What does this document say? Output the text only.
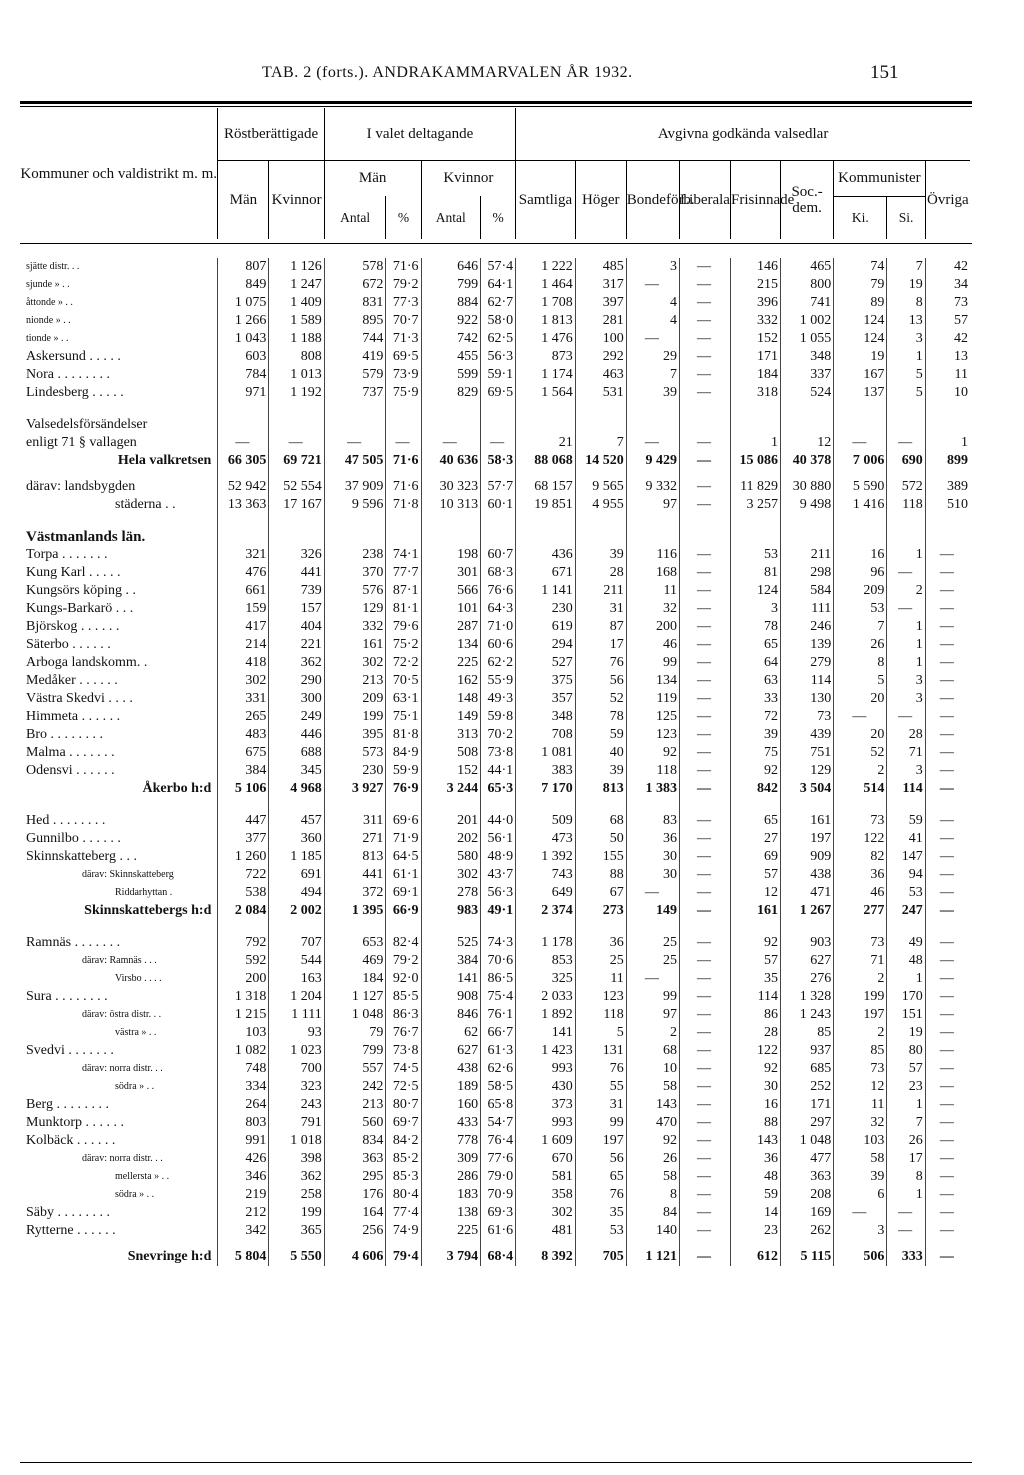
TAB. 2 (forts.). ANDRAKAMMARVALEN ÅR 1932.	151
Kommuner och valdistrikt m. m.	Röstberättigade		I valet deltagande				Avgivna godkända valsedlar								
	Män	Kvinnor	Män		Kvinnor		Samtliga	Höger	Bondeförb.	Liberala	Frisinnade	Soc.-dem.	Kommunister		Övriga
			Antal	%	Antal	%							Ki.	Si.	
sjätte distr. . .	807	1 126	578	71·6	646	57·4	1 222	485	3	—	146	465	74	7	42
sjunde » . .	849	1 247	672	79·2	799	64·1	1 464	317	—	—	215	800	79	19	34
åttonde » . .	1 075	1 409	831	77·3	884	62·7	1 708	397	4	—	396	741	89	8	73
nionde » . .	1 266	1 589	895	70·7	922	58·0	1 813	281	4	—	332	1 002	124	13	57
tionde » . .	1 043	1 188	744	71·3	742	62·5	1 476	100	—	—	152	1 055	124	3	42
Askersund . . . . .	603	808	419	69·5	455	56·3	873	292	29	—	171	348	19	1	13
Nora . . . . . . . .	784	1 013	579	73·9	599	59·1	1 174	463	7	—	184	337	167	5	11
Lindesberg . . . . .	971	1 192	737	75·9	829	69·5	1 564	531	39	—	318	524	137	5	10

Valsedelsförsändelser															
enligt 71 § vallagen	—	—	—	—	—	—	21	7	—	—	1	12	—	—	1
Hela valkretsen	66 305	69 721	47 505	71·6	40 636	58·3	88 068	14 520	9 429	—	15 086	40 378	7 006	690	899

därav: landsbygden	52 942	52 554	37 909	71·6	30 323	57·7	68 157	9 565	9 332	—	11 829	30 880	5 590	572	389
städerna . .	13 363	17 167	9 596	71·8	10 313	60·1	19 851	4 955	97	—	3 257	9 498	1 416	118	510

Västmanlands län.															
Torpa . . . . . . .	321	326	238	74·1	198	60·7	436	39	116	—	53	211	16	1	—
Kung Karl . . . . .	476	441	370	77·7	301	68·3	671	28	168	—	81	298	96	—	—
Kungsörs köping . .	661	739	576	87·1	566	76·6	1 141	211	11	—	124	584	209	2	—
Kungs-Barkarö . . .	159	157	129	81·1	101	64·3	230	31	32	—	3	111	53	—	—
Björskog . . . . . .	417	404	332	79·6	287	71·0	619	87	200	—	78	246	7	1	—
Säterbo . . . . . .	214	221	161	75·2	134	60·6	294	17	46	—	65	139	26	1	—
Arboga landskomm. .	418	362	302	72·2	225	62·2	527	76	99	—	64	279	8	1	—
Medåker . . . . . .	302	290	213	70·5	162	55·9	375	56	134	—	63	114	5	3	—
Västra Skedvi . . . .	331	300	209	63·1	148	49·3	357	52	119	—	33	130	20	3	—
Himmeta . . . . . .	265	249	199	75·1	149	59·8	348	78	125	—	72	73	—	—	—
Bro . . . . . . . .	483	446	395	81·8	313	70·2	708	59	123	—	39	439	20	28	—
Malma . . . . . . .	675	688	573	84·9	508	73·8	1 081	40	92	—	75	751	52	71	—
Odensvi . . . . . .	384	345	230	59·9	152	44·1	383	39	118	—	92	129	2	3	—
Åkerbo h:d	5 106	4 968	3 927	76·9	3 244	65·3	7 170	813	1 383	—	842	3 504	514	114	—

Hed . . . . . . . .	447	457	311	69·6	201	44·0	509	68	83	—	65	161	73	59	—
Gunnilbo . . . . . .	377	360	271	71·9	202	56·1	473	50	36	—	27	197	122	41	—
Skinnskatteberg . . .	1 260	1 185	813	64·5	580	48·9	1 392	155	30	—	69	909	82	147	—
därav: Skinnskatteberg	722	691	441	61·1	302	43·7	743	88	30	—	57	438	36	94	—
Riddarhyttan .	538	494	372	69·1	278	56·3	649	67	—	—	12	471	46	53	—
Skinnskattebergs h:d	2 084	2 002	1 395	66·9	983	49·1	2 374	273	149	—	161	1 267	277	247	—

Ramnäs . . . . . . .	792	707	653	82·4	525	74·3	1 178	36	25	—	92	903	73	49	—
därav: Ramnäs . . .	592	544	469	79·2	384	70·6	853	25	25	—	57	627	71	48	—
Virsbo . . . .	200	163	184	92·0	141	86·5	325	11	—	—	35	276	2	1	—
Sura . . . . . . . .	1 318	1 204	1 127	85·5	908	75·4	2 033	123	99	—	114	1 328	199	170	—
därav: östra distr. . .	1 215	1 111	1 048	86·3	846	76·1	1 892	118	97	—	86	1 243	197	151	—
västra » . .	103	93	79	76·7	62	66·7	141	5	2	—	28	85	2	19	—
Svedvi . . . . . . .	1 082	1 023	799	73·8	627	61·3	1 423	131	68	—	122	937	85	80	—
därav: norra distr. . .	748	700	557	74·5	438	62·6	993	76	10	—	92	685	73	57	—
södra » . .	334	323	242	72·5	189	58·5	430	55	58	—	30	252	12	23	—
Berg . . . . . . . .	264	243	213	80·7	160	65·8	373	31	143	—	16	171	11	1	—
Munktorp . . . . . .	803	791	560	69·7	433	54·7	993	99	470	—	88	297	32	7	—
Kolbäck . . . . . .	991	1 018	834	84·2	778	76·4	1 609	197	92	—	143	1 048	103	26	—
därav: norra distr. . .	426	398	363	85·2	309	77·6	670	56	26	—	36	477	58	17	—
mellersta » . .	346	362	295	85·3	286	79·0	581	65	58	—	48	363	39	8	—
södra » . .	219	258	176	80·4	183	70·9	358	76	8	—	59	208	6	1	—
Säby . . . . . . . .	212	199	164	77·4	138	69·3	302	35	84	—	14	169	—	—	—
Rytterne . . . . . .	342	365	256	74·9	225	61·6	481	53	140	—	23	262	3	—	—

Snevringe h:d	5 804	5 550	4 606	79·4	3 794	68·4	8 392	705	1 121	—	612	5 115	506	333	—
